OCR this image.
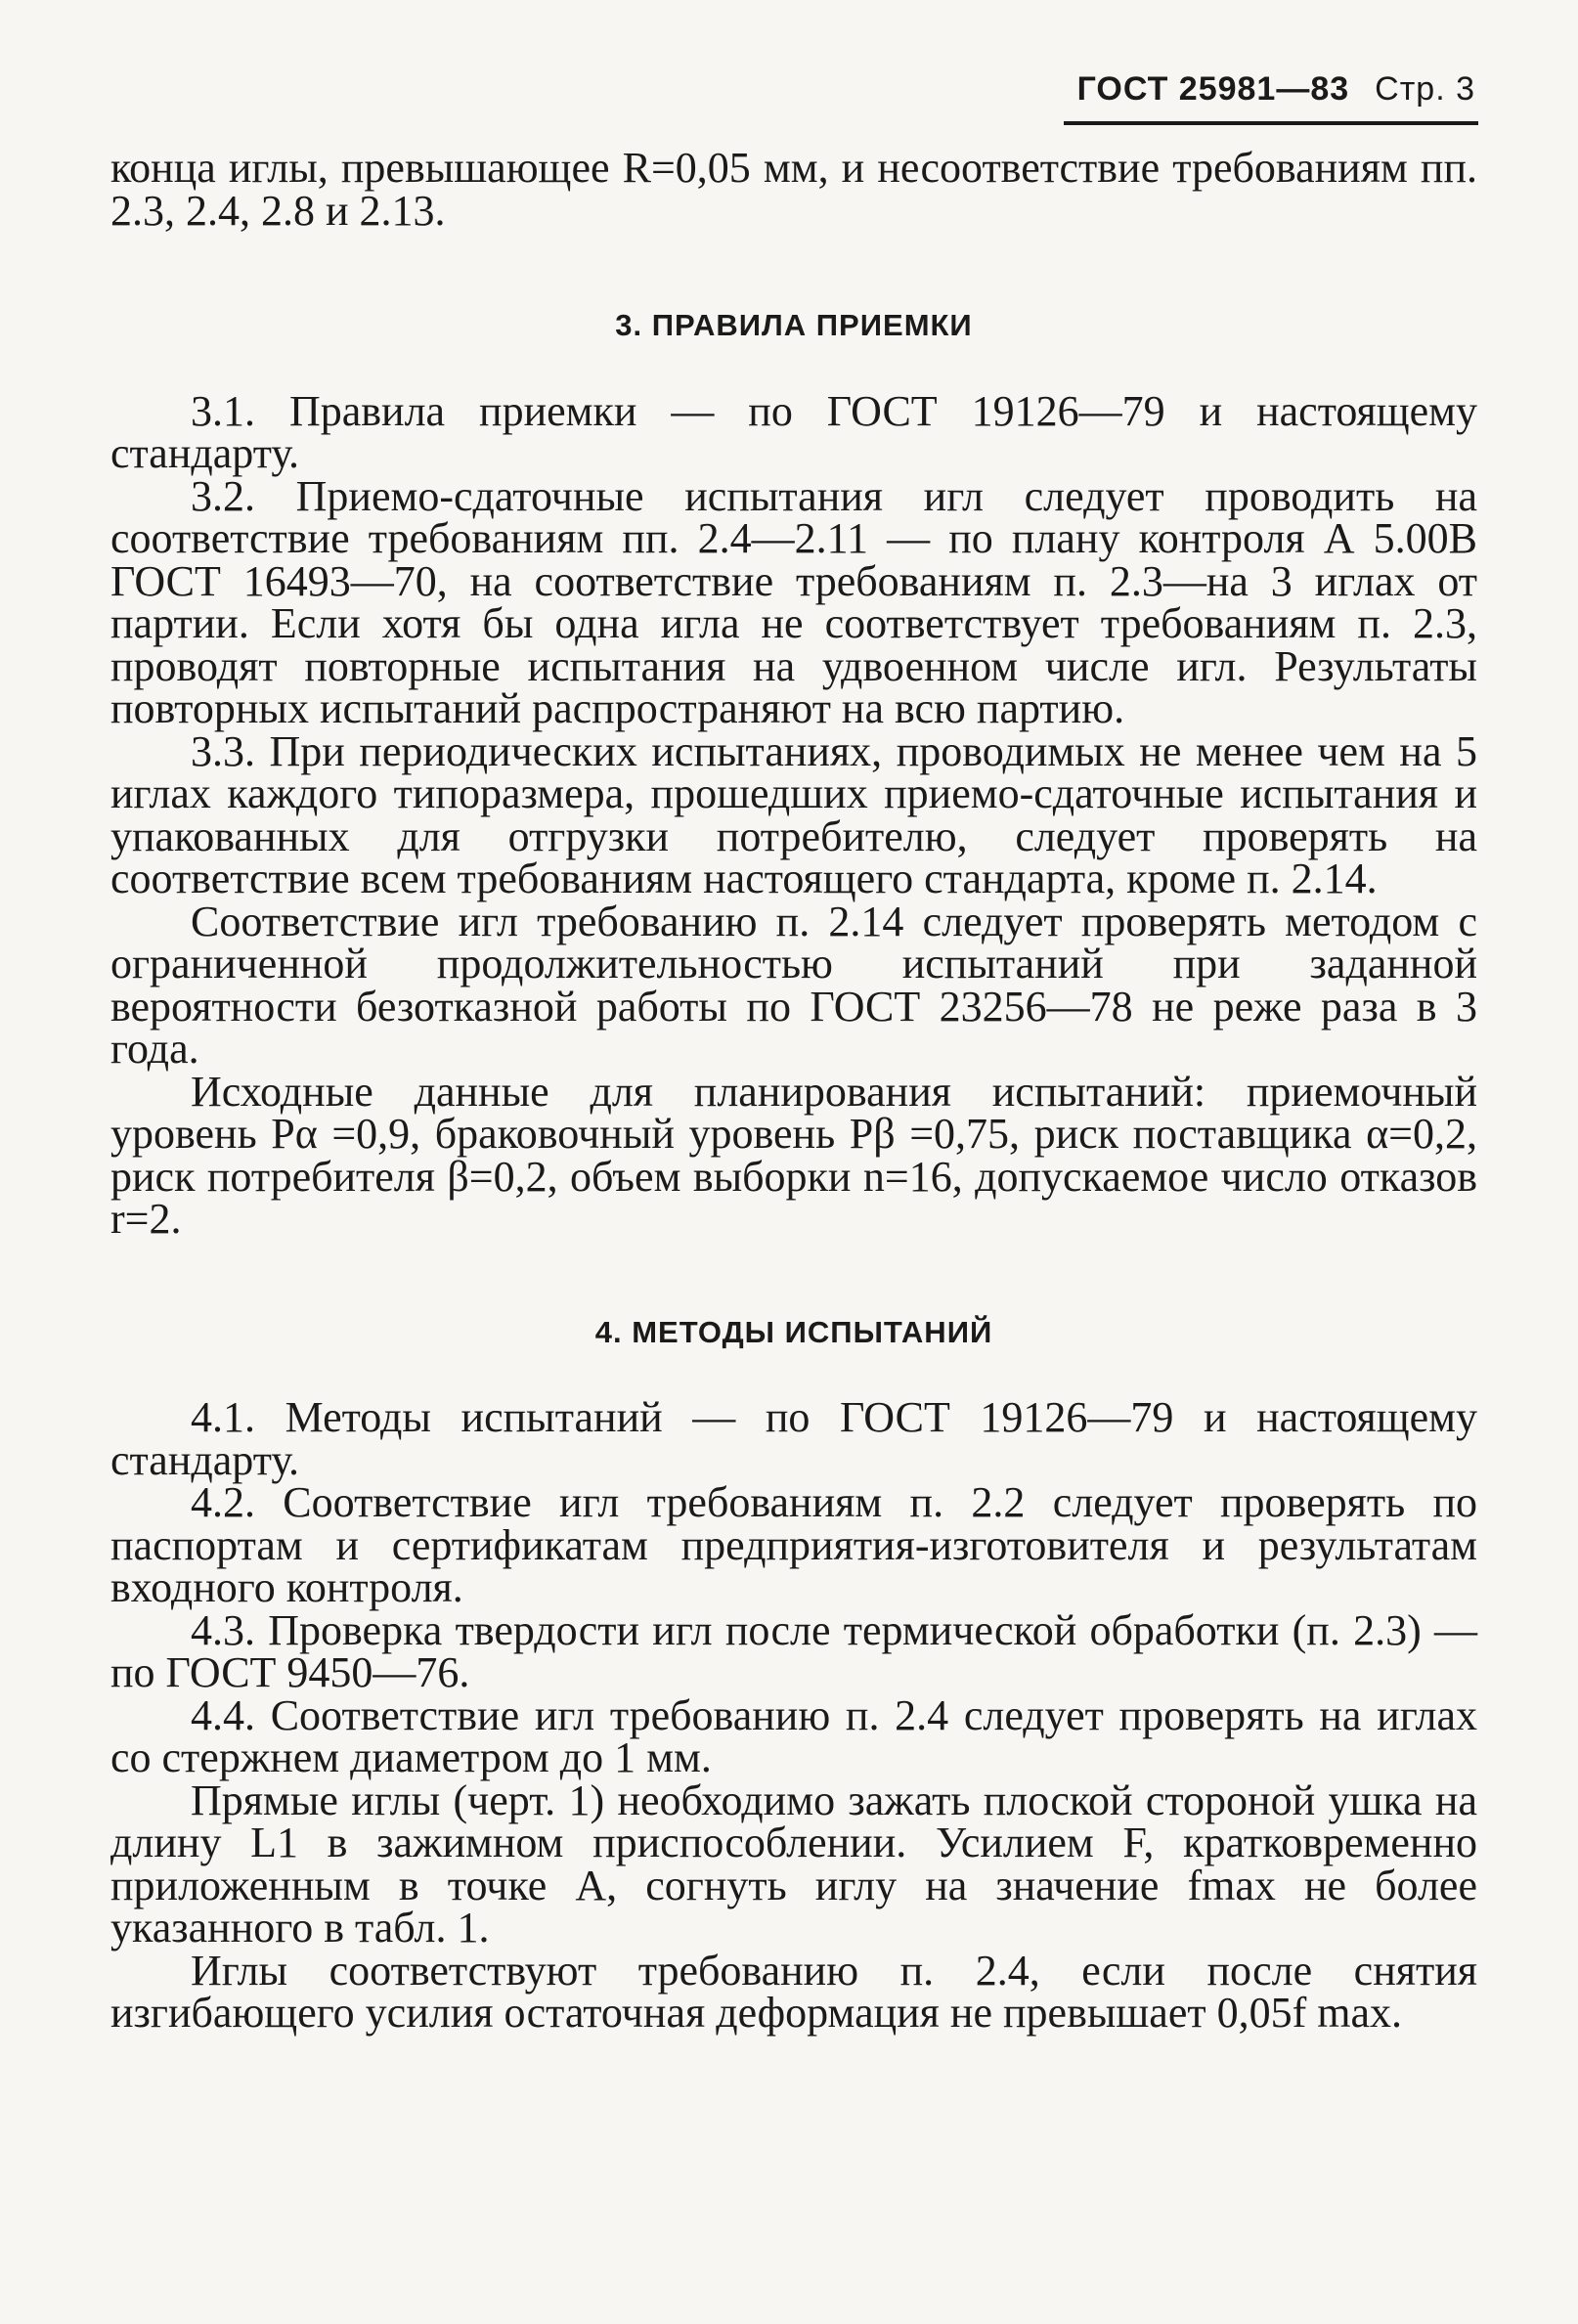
ГОСТ 25981—83 Стр. 3

конца иглы, превышающее R=0,05 мм, и несоответствие требованиям пп. 2.3, 2.4, 2.8 и 2.13.

3. ПРАВИЛА ПРИЕМКИ

3.1. Правила приемки — по ГОСТ 19126—79 и настоящему стандарту.

3.2. Приемо-сдаточные испытания игл следует проводить на соответствие требованиям пп. 2.4—2.11 — по плану контроля А 5.00В ГОСТ 16493—70, на соответствие требованиям п. 2.3—на 3 иглах от партии. Если хотя бы одна игла не соответствует требованиям п. 2.3, проводят повторные испытания на удвоенном числе игл. Результаты повторных испытаний распространяют на всю партию.

3.3. При периодических испытаниях, проводимых не менее чем на 5 иглах каждого типоразмера, прошедших приемо-сдаточные испытания и упакованных для отгрузки потребителю, следует проверять на соответствие всем требованиям настоящего стандарта, кроме п. 2.14.

Соответствие игл требованию п. 2.14 следует проверять методом с ограниченной продолжительностью испытаний при заданной вероятности безотказной работы по ГОСТ 23256—78 не реже раза в 3 года.

Исходные данные для планирования испытаний: приемочный уровень Pα =0,9, браковочный уровень Pβ =0,75, риск поставщика α=0,2, риск потребителя β=0,2, объем выборки n=16, допускаемое число отказов r=2.

4. МЕТОДЫ ИСПЫТАНИЙ

4.1. Методы испытаний — по ГОСТ 19126—79 и настоящему стандарту.

4.2. Соответствие игл требованиям п. 2.2 следует проверять по паспортам и сертификатам предприятия-изготовителя и результатам входного контроля.

4.3. Проверка твердости игл после термической обработки (п. 2.3) — по ГОСТ 9450—76.

4.4. Соответствие игл требованию п. 2.4 следует проверять на иглах со стержнем диаметром до 1 мм.

Прямые иглы (черт. 1) необходимо зажать плоской стороной ушка на длину L1 в зажимном приспособлении. Усилием F, кратковременно приложенным в точке А, согнуть иглу на значение fmax не более указанного в табл. 1.

Иглы соответствуют требованию п. 2.4, если после снятия изгибающего усилия остаточная деформация не превышает 0,05f max.
